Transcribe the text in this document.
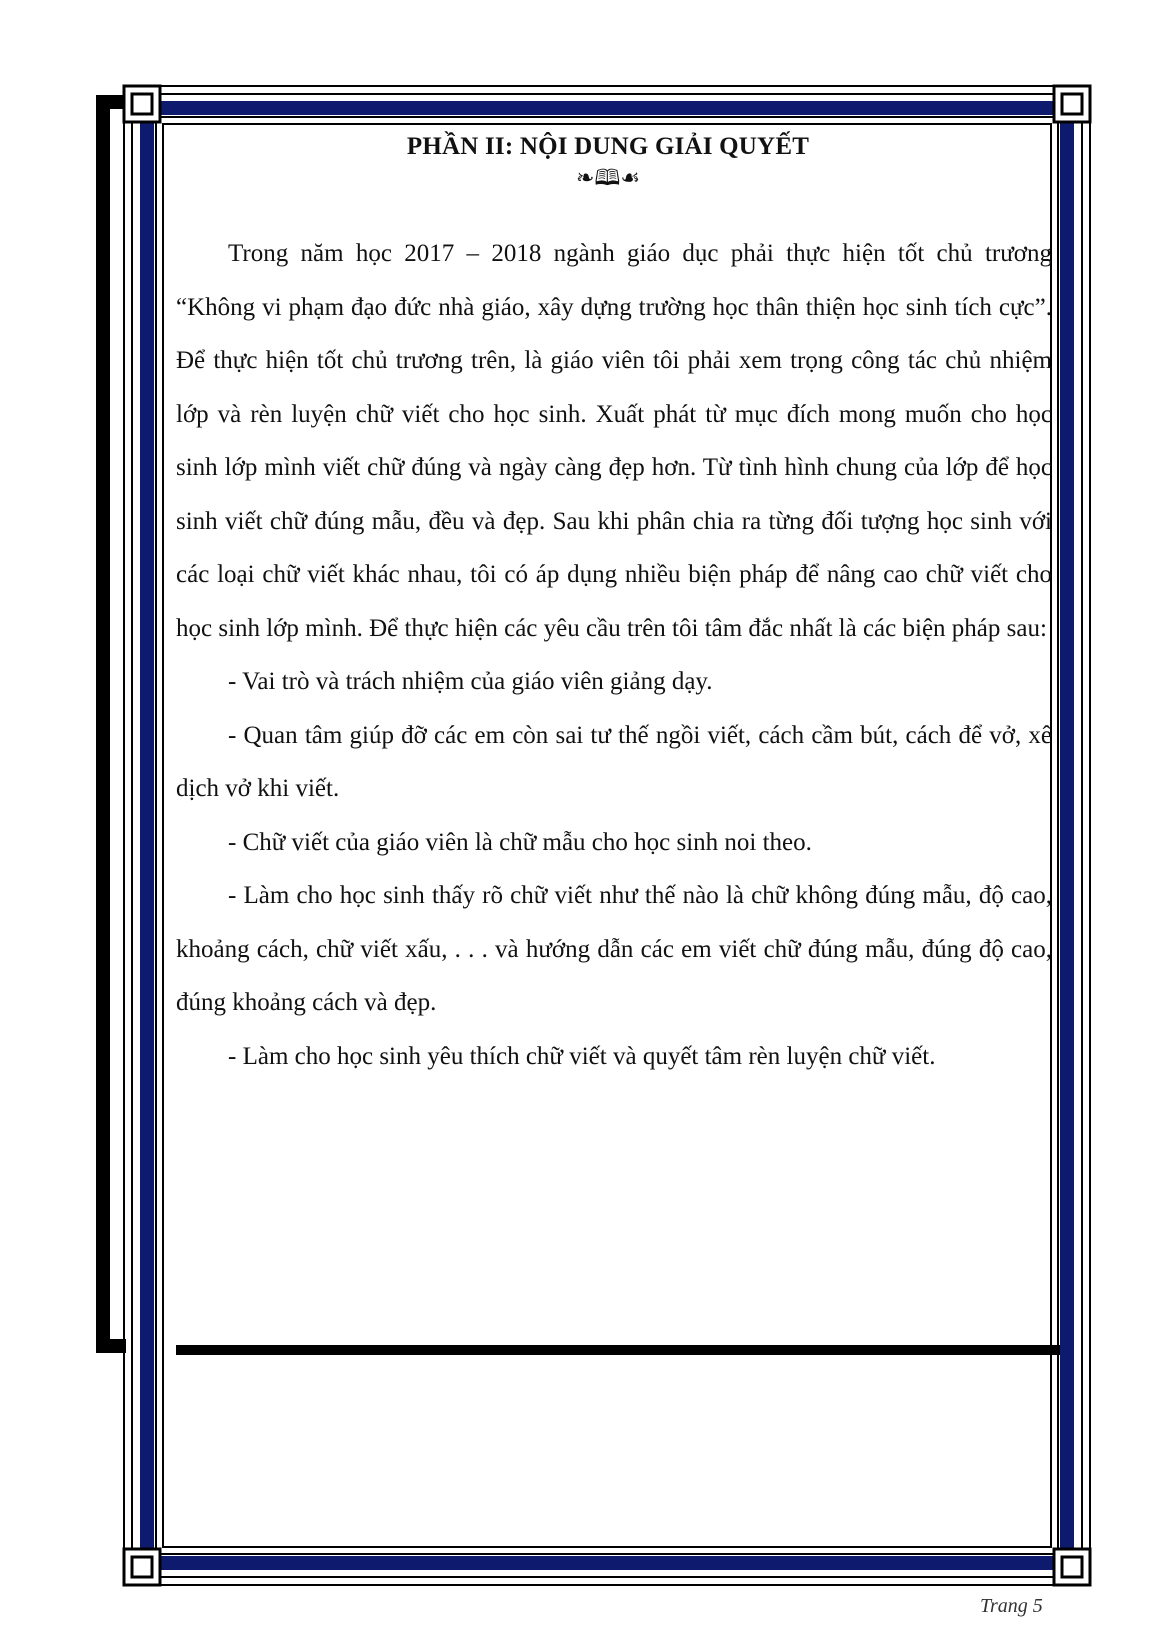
PHẦN II: NỘI DUNG GIẢI QUYẾT
❧🕮☙

Trong năm học 2017 – 2018 ngành giáo dục phải thực hiện tốt chủ trương “Không vi phạm đạo đức nhà giáo, xây dựng trường học thân thiện học sinh tích cực”. Để thực hiện tốt chủ trương trên, là giáo viên tôi phải xem trọng công tác chủ nhiệm lớp và rèn luyện chữ viết cho học sinh. Xuất phát từ mục đích mong muốn cho học sinh lớp mình viết chữ đúng và ngày càng đẹp hơn. Từ tình hình chung của lớp để học sinh viết chữ đúng mẫu, đều và đẹp. Sau khi phân chia ra từng đối tượng học sinh với các loại chữ viết khác nhau, tôi có áp dụng nhiều biện pháp để nâng cao chữ viết cho học sinh lớp mình. Để thực hiện các yêu cầu trên tôi tâm đắc nhất là các biện pháp sau:

- Vai trò và trách nhiệm của giáo viên giảng dạy.

- Quan tâm giúp đỡ các em còn sai tư thế ngồi viết, cách cầm bút, cách để vở, xê dịch vở khi viết.

- Chữ viết của giáo viên là chữ mẫu cho học sinh noi theo.

- Làm cho học sinh thấy rõ chữ viết như thế nào là chữ không đúng mẫu, độ cao, khoảng cách, chữ viết xấu, . . . và hướng dẫn các em viết chữ đúng mẫu, đúng độ cao, đúng khoảng cách và đẹp.

- Làm cho học sinh yêu thích chữ viết và quyết tâm rèn luyện chữ viết.

Trang 5
